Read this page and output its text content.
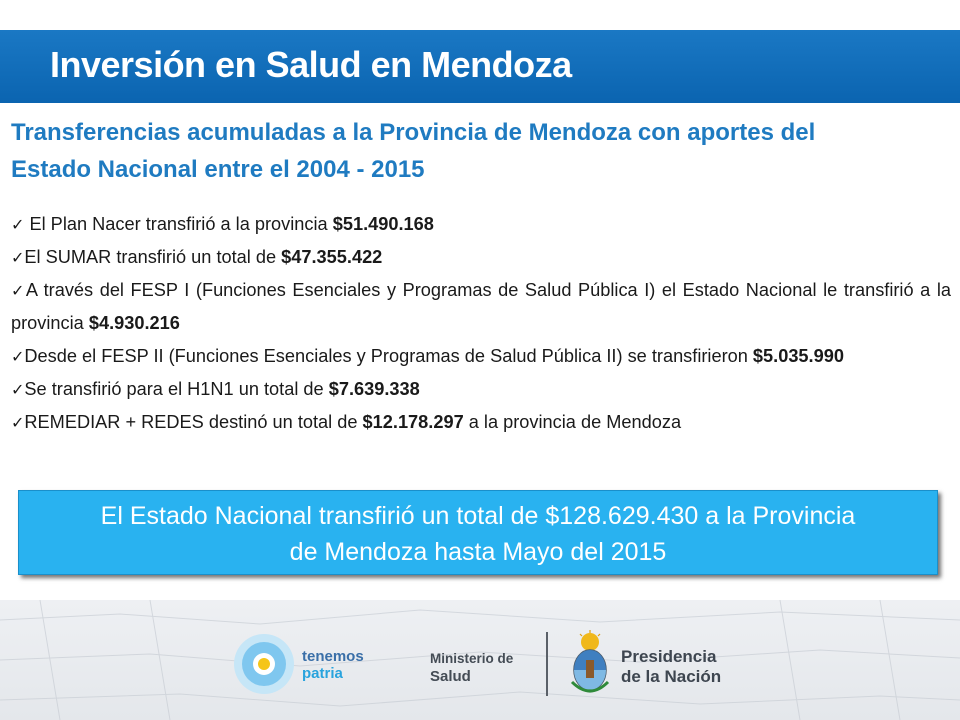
Inversión en Salud en Mendoza
Transferencias acumuladas a la Provincia de Mendoza con aportes del
Estado Nacional entre el 2004 - 2015
✓ El Plan Nacer transfirió a la provincia $51.490.168
✓El SUMAR transfirió un total de $47.355.422
✓A través del FESP I (Funciones Esenciales y Programas de Salud Pública I) el Estado Nacional le transfirió a la provincia $4.930.216
✓Desde el FESP II (Funciones Esenciales y Programas de Salud Pública II) se transfirieron $5.035.990
✓Se transfirió para el H1N1 un total de $7.639.338
✓REMEDIAR + REDES destinó un total de $12.178.297 a la provincia de Mendoza
El Estado Nacional transfirió un total de $128.629.430 a la Provincia
de Mendoza hasta Mayo del 2015
tenemos
patria
Ministerio de
Salud
Presidencia
de la Nación
